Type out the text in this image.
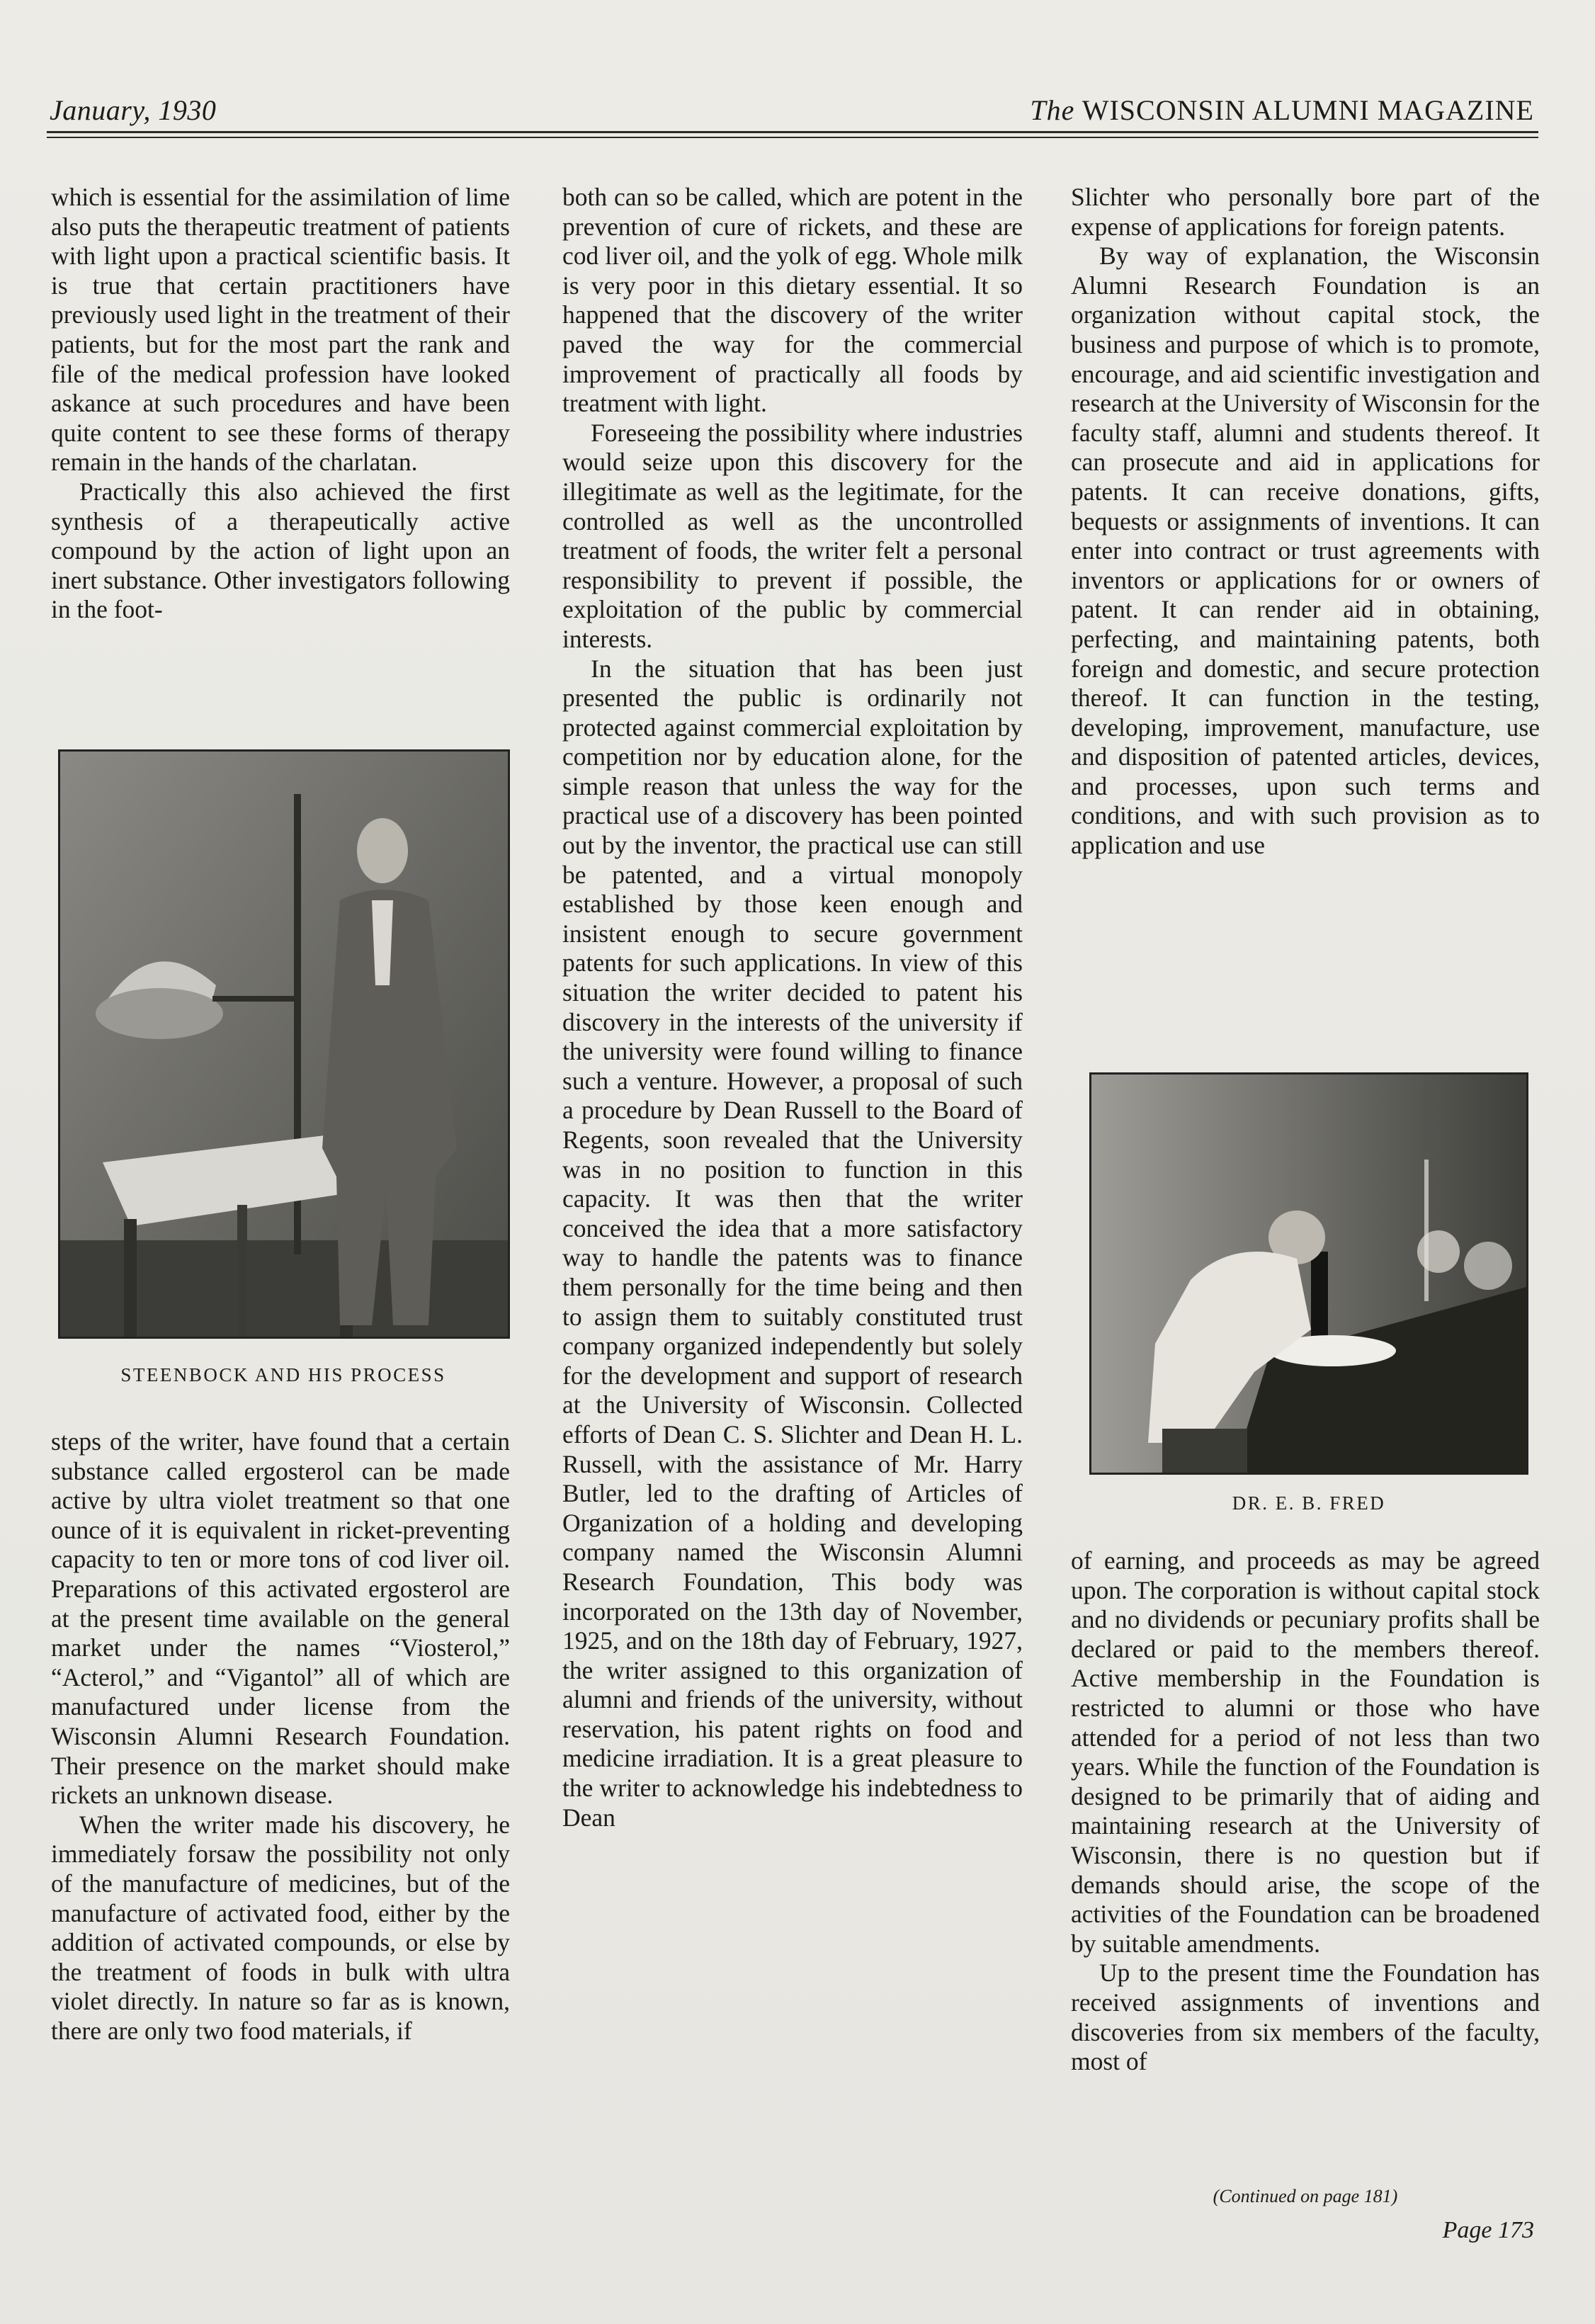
January, 1930	The WISCONSIN ALUMNI MAGAZINE

which is essential for the assimilation of lime also puts the therapeutic treatment of patients with light upon a practical scientific basis. It is true that certain practitioners have previously used light in the treatment of their patients, but for the most part the rank and file of the medical profession have looked askance at such procedures and have been quite content to see these forms of therapy remain in the hands of the charlatan.

Practically this also achieved the first synthesis of a therapeutically active compound by the action of light upon an inert substance. Other investigators following in the foot-

STEENBOCK AND HIS PROCESS

steps of the writer, have found that a certain substance called ergosterol can be made active by ultra violet treatment so that one ounce of it is equivalent in ricket-preventing capacity to ten or more tons of cod liver oil. Preparations of this activated ergosterol are at the present time available on the general market under the names “Viosterol,” “Acterol,” and “Vigantol” all of which are manufactured under license from the Wisconsin Alumni Research Foundation. Their presence on the market should make rickets an unknown disease.

When the writer made his discovery, he immediately forsaw the possibility not only of the manufacture of medicines, but of the manufacture of activated food, either by the addition of activated compounds, or else by the treatment of foods in bulk with ultra violet directly. In nature so far as is known, there are only two food materials, if

both can so be called, which are potent in the prevention of cure of rickets, and these are cod liver oil, and the yolk of egg. Whole milk is very poor in this dietary essential. It so happened that the discovery of the writer paved the way for the commercial improvement of practically all foods by treatment with light.

Foreseeing the possibility where industries would seize upon this discovery for the illegitimate as well as the legitimate, for the controlled as well as the uncontrolled treatment of foods, the writer felt a personal responsibility to prevent if possible, the exploitation of the public by commercial interests.

In the situation that has been just presented the public is ordinarily not protected against commercial exploitation by competition nor by education alone, for the simple reason that unless the way for the practical use of a discovery has been pointed out by the inventor, the practical use can still be patented, and a virtual monopoly established by those keen enough and insistent enough to secure government patents for such applications. In view of this situation the writer decided to patent his discovery in the interests of the university if the university were found willing to finance such a venture. However, a proposal of such a procedure by Dean Russell to the Board of Regents, soon revealed that the University was in no position to function in this capacity. It was then that the writer conceived the idea that a more satisfactory way to handle the patents was to finance them personally for the time being and then to assign them to suitably constituted trust company organized independently but solely for the development and support of research at the University of Wisconsin. Collected efforts of Dean C. S. Slichter and Dean H. L. Russell, with the assistance of Mr. Harry Butler, led to the drafting of Articles of Organization of a holding and developing company named the Wisconsin Alumni Research Foundation, This body was incorporated on the 13th day of November, 1925, and on the 18th day of February, 1927, the writer assigned to this organization of alumni and friends of the university, without reservation, his patent rights on food and medicine irradiation. It is a great pleasure to the writer to acknowledge his indebtedness to Dean

Slichter who personally bore part of the expense of applications for foreign patents.

By way of explanation, the Wisconsin Alumni Research Foundation is an organization without capital stock, the business and purpose of which is to promote, encourage, and aid scientific investigation and research at the University of Wisconsin for the faculty staff, alumni and students thereof. It can prosecute and aid in applications for patents. It can receive donations, gifts, bequests or assignments of inventions. It can enter into contract or trust agreements with inventors or applications for or owners of patent. It can render aid in obtaining, perfecting, and maintaining patents, both foreign and domestic, and secure protection thereof. It can function in the testing, developing, improvement, manufacture, use and disposition of patented articles, devices, and processes, upon such terms and conditions, and with such provision as to application and use

DR. E. B. FRED

of earning, and proceeds as may be agreed upon. The corporation is without capital stock and no dividends or pecuniary profits shall be declared or paid to the members thereof. Active membership in the Foundation is restricted to alumni or those who have attended for a period of not less than two years. While the function of the Foundation is designed to be primarily that of aiding and maintaining research at the University of Wisconsin, there is no question but if demands should arise, the scope of the activities of the Foundation can be broadened by suitable amendments.

Up to the present time the Foundation has received assignments of inventions and discoveries from six members of the faculty, most of

(Continued on page 181)
Page 173
